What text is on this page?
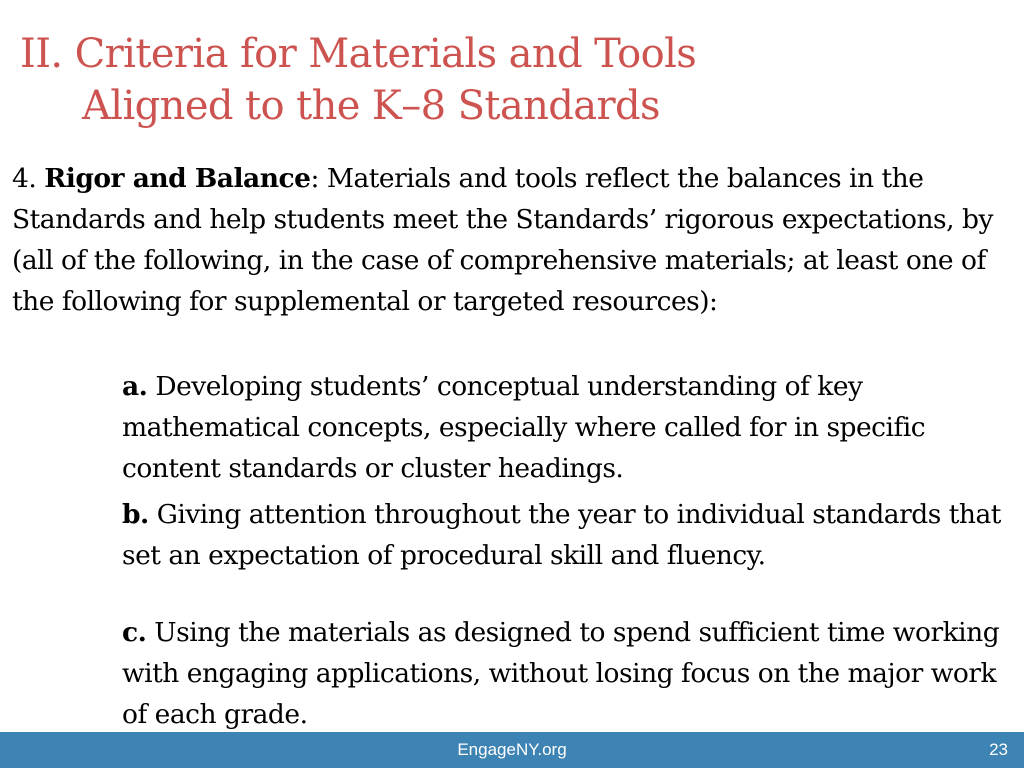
II. Criteria for Materials and Tools
Aligned to the K–8 Standards
4. Rigor and Balance: Materials and tools reflect the balances in the Standards and help students meet the Standards’ rigorous expectations, by (all of the following, in the case of comprehensive materials; at least one of the following for supplemental or targeted resources):
a. Developing students’ conceptual understanding of key mathematical concepts, especially where called for in specific content standards or cluster headings.
b. Giving attention throughout the year to individual standards that set an expectation of procedural skill and fluency.
c. Using the materials as designed to spend sufficient time working with engaging applications, without losing focus on the major work of each grade.
EngageNY.org	23
